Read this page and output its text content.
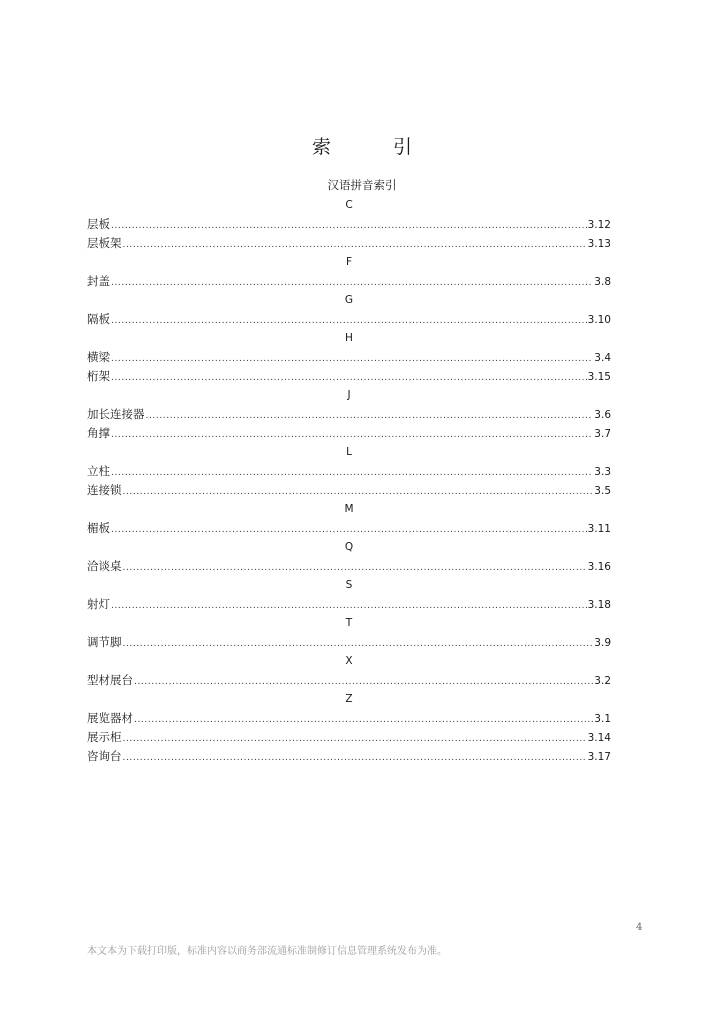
索 引
汉语拼音索引
C
层板 .....	3.12
层板架 .....	3.13
F
封盖 .....	3.8
G
隔板 .....	3.10
H
横梁 .....	3.4
桁架 .....	3.15
J
加长连接器 .....	3.6
角撑 .....	3.7
L
立柱 .....	3.3
连接锁 .....	3.5
M
楣板 .....	3.11
Q
洽谈桌 .....	3.16
S
射灯 .....	3.18
T
调节脚 .....	3.9
X
型材展台 .....	3.2
Z
展览器材 .....	3.1
展示柜 .....	3.14
咨询台 .....	3.17
4
本文本为下载打印版，标准内容以商务部流通标准制修订信息管理系统发布为准。
